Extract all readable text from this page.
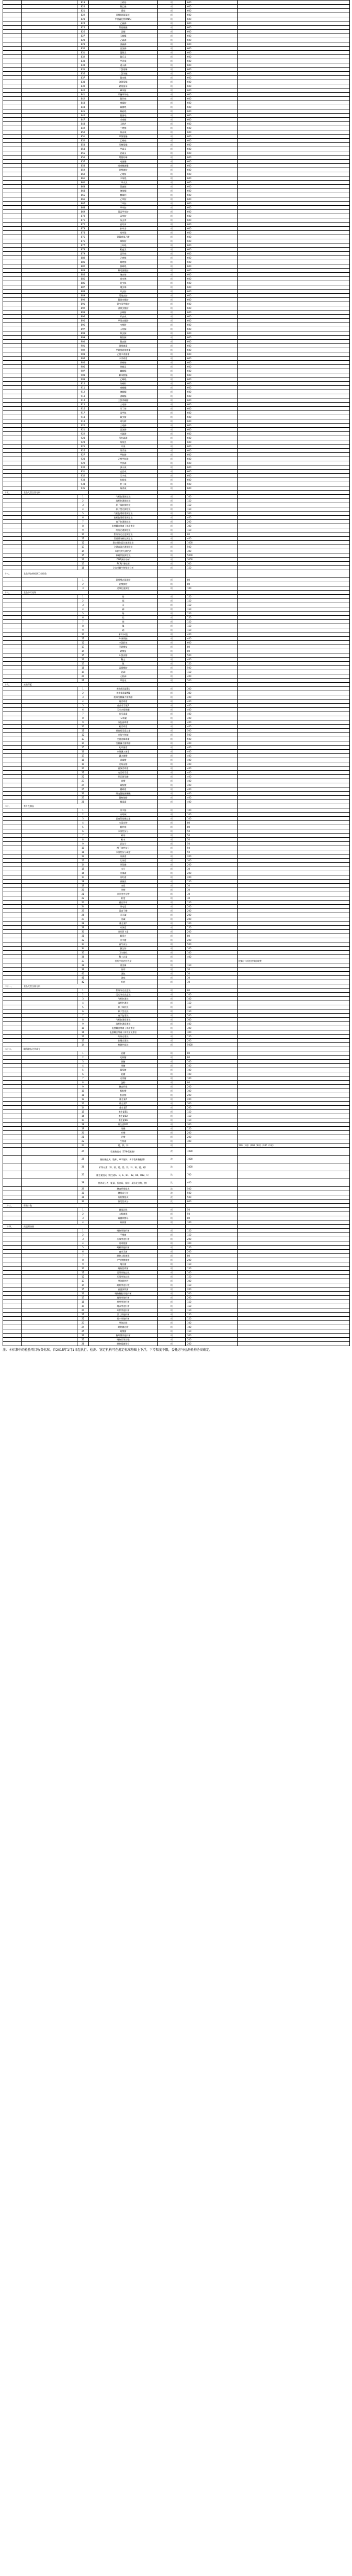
		819	三硝基	项	600	
		820	氟乙酸	项	600	
		821	番茄	项	600	
		822	氟醚烷(氟氯烷)	项	600	
		823	甲基硫化物(MBS)	项	600	
		824	乙硫磷	项	600	
		825	氨基磺酸	项	600	
		826	丙酮	项	600	
		827	灭螨醌	项	600	
		828	乙硫磷	项	600	
		829	溴硫磷	项	600	
		830	丙溴磷	项	600	
		831	萎锈灵	项	600	
		832	氟乐灵	项	600	
		833	甲萘威	项	600	
		834	速灭磷	项	600	
		835	二氯喹啉	项	600	
		836	二氯苯醚	项	600	
		837	氟虫酰	项	600	
		838	溴氰菊酯	项	600	
		839	硝基氯苯	项	600	
		840	碘苯腈	项	600	
		841	苯醚甲环唑	项	600	
		842	氟环唑	项	600	
		843	嘧霉胺	项	600	
		844	氟菌唑	项	600	
		845	氟硅唑	项	600	
		846	腈菌唑	项	600	
		847	戊唑醇	项	600	
		848	双酚A	项	600	
		849	三唑醇	项	600	
		850	异丙威	项	600	
		851	甲氰菊酯	项	600	
		852	乙螨唑	项	600	
		853	苯醚菊酯	项	600	
		854	甲霜灵	项	600	
		855	恶霜灵	项	600	
		856	烯酰吗啉	项	600	
		857	嘧菌酯	项	600	
		858	吡唑醚菌酯	项	600	
		859	啶酰菌胺	项	600	
		860	乙嘧酚	项	600	
		861	多效唑	项	600	
		862	二甲戊灵	项	600	
		863	异菌脲	项	600	
		864	噻嗪酮	项	600	
		865	腐霉利	项	600	
		866	乙草胺	项	600	
		867	丁草胺	项	600	
		868	甲草胺	项	600	
		869	异丙甲草胺	项	600	
		870	丙草胺	项	600	
		871	莠去津	项	600	
		872	西玛津	项	600	
		873	扑草净	项	600	
		874	敌草隆	项	600	
		875	氯氟吡氧乙酸	项	600	
		876	咪鲜胺	项	600	
		877	三环唑	项	600	
		878	稻瘟灵	项	600	
		879	丙环唑	项	600	
		880	己唑醇	项	600	
		881	烯唑醇	项	600	
		882	抑霉唑	项	600	
		883	氟吡菌酰胺	项	600	
		884	噻虫嗪	项	600	
		885	吡虫啉	项	600	
		886	啶虫脒	项	600	
		887	噻虫啉	项	600	
		888	呋虫胺	项	600	
		889	烯啶虫胺	项	600	
		890	氟啶虫酰胺	项	600	
		891	氯虫苯甲酰胺	项	600	
		892	溴氰虫酰胺	项	600	
		893	虫螨腈	项	600	
		894	茚虫威	项	600	
		895	甲氧虫酰肼	项	600	
		896	虫酰肼	项	600	
		897	灭幼脲	项	600	
		898	除虫脲	项	600	
		899	氟铃脲	项	600	
		900	氟虫脲	项	600	
		901	阿维菌素	项	600	
		902	甲氨基阿维菌素	项	600	
		903	乙基多杀菌素	项	600	
		904	多杀霉素	项	600	
		905	四螨嗪	项	600	
		906	哒螨灵	项	600	
		907	螺螨酯	项	600	
		908	联苯肼酯	项	600	
		909	乙螨唑	项	600	
		910	炔螨特	项	600	
		911	唑螨酯	项	600	
		912	噻螨酮	项	600	
		913	溴螨酯	项	600	
		914	三氯杀螨醇	项	600	
		915	三唑锡	项	600	
		916	苯丁锡	项	600	
		917	双甲脒	项	600	
		918	氟虫腈	项	600	
		919	毒死蜱	项	600	
		920	三唑磷	项	600	
		921	丙溴磷	项	600	
		922	辛硫磷	项	600	
		923	马拉硫磷	项	600	
		924	敌敌畏	项	600	
		925	乐果	项	600	
		926	氧乐果	项	600	
		927	甲胺磷	项	600	
		928	乙酰甲胺磷	项	600	
		929	甲拌磷	项	600	
		930	涕灭威	项	600	
		931	克百威	项	600	
		932	灭多威	项	600	
		933	抗蚜威	项	600	
		934	仲丁威	项	600	
		935	残杀威	项	600	
十七、	食品大型仪器分析					
		1	气相色谱测定法	项	100	
		2	液相色谱测定法	项	150	
		3	原子吸收测定法	项	150	
		4	原子荧光测定法	项	150	
		5	气相色谱质谱测定法	项	300	
		6	液相色谱质谱测定法	项	400	
		7	离子色谱测定法	项	200	
		8	电感耦合等离子体质谱法	项	300	
		9	红外光谱测定法	项	150	
		10	紫外分光光度测定法	项	80	
		11	氨基酸分析仪测定法	项	400	
		12	稳定同位素比值测定法	项	1000	
		13	全谱直读光谱测定法	项	500	
		14	X射线荧光测定法	项	300	
		15	核磁共振测定法	项	5000	
		16	DNA测序分析	项	3000	
		17	PCR扩增检测	项	300	
		18	全自动微生物鉴定分析	项	150	
十八、	食品添加剂检测卫生检验					
		1	氨基酸态氮测定	项	80	
		2	总酸测定	项	80	
		3	过氧化值测定	项	100	
十八、	食品中污染物					
		1	铅	项	150	
		2	镉	项	150	
		3	汞	项	150	
		4	砷	项	150	
		5	铬	项	150	
		6	铝	项	150	
		7	锡	项	150	
		8	镍	项	150	
		9	硒	项	150	
		10	苯并(a)芘	项	400	
		11	N-亚硝胺	项	400	
		12	多氯联苯	项	600	
		13	亚硝酸盐	项	80	
		14	硝酸盐	项	80	
		15	3-氯丙醇	项	500	
		16	稀土	项	400	
		17	氟	项	150	
		18	丙烯酰胺	项	500	
		19	总砷	项	150	
		20	无机砷	项	400	
		21	甲基汞	项	500	
十九、	真菌毒素					
		1	黄曲霉毒素B1	项	300	
		2	黄曲霉毒素M1	项	300	
		3	脱氧雪腐镰刀菌烯醇	项	400	
		4	展青霉素	项	400	
		5	赭曲霉毒素A	项	400	
		6	玉米赤霉烯酮	项	400	
		7	伏马毒素	项	400	
		8	T-2毒素	项	400	
		9	杂色曲霉素	项	400	
		10	桔青霉素	项	400	
		11	黄曲霉毒素总量	项	500	
		12	麦角生物碱	项	500	
		13	交链孢霉毒素	项	500	
		14	雪腐镰刀菌烯醇	项	400	
		15	蛇形菌素	项	400	
		16	串珠镰刀菌素	项	400	
		17	镰刀菌酸	项	400	
		18	青霉酸	项	400	
		19	麦角甾醇	项	400	
		20	黄绿青霉素	项	400	
		21	岛青霉毒素	项	400	
		22	环匹阿尼酸	项	400	
		23	曲酸	项	400	
		24	霉酚酸	项	400	
		25	橘霉素	项	400	
		26	细交链孢菌酮酸	项	400	
		27	链格孢酚	项	400	
		28	腾毒素	项	400	
二十、	茶叶及制品					
		1	茶多酚	项	100	
		2	咖啡碱	项	100	
		3	游离氨基酸总量	项	100	
		4	水浸出物	项	80	
		5	粗纤维	项	80	
		6	水溶性灰分	项	50	
		7	碎茶	项	50	
		8	粉末	项	50	
		9	总灰分	项	50	
		10	酸不溶性灰分	项	50	
		11	水溶性灰分碱度	项	50	
		12	茶黄素	项	200	
		13	儿茶素	项	300	
		14	茶氨酸	项	200	
		15	水分	项	30	
		16	茶褐素	项	200	
		17	茶红素	项	200	
		18	黄酮类	项	150	
		19	杂质	项	30	
		20	茶梗	项	30	
		21	非茶类夹杂物	项	30	
		22	粒度	项	30	
		23	感官评审	项	150	
		24	茶皂素	项	200	
		25	没食子酸	项	200	
		26	可可碱	项	200	
		27	茶碱	项	200	
		28	维生素C	项	100	
		29	叶绿素	项	150	
		30	类胡萝卜素	项	200	
		31	粗蛋白	项	80	
		32	茶多糖	项	200	
		33	香气成分	项	500	
		34	微生物	项	100	
		35	卫生指标	项	100	
		36	稀土总量	项	400	
		37	茶叶中的农药残留	项		按第十六项农药残留收费
		38	重金属	项	150	
		39	外形	项	30	
		40	汤色	项	30	
		41	滋味	项	30	
		42	叶底	项	30	
二十一、	食品大型仪器分析					
		1	紫外分光光度法	项	80	
		2	荧光分光光度法	项	100	
		3	气相色谱法	项	100	
		4	液相色谱法	项	150	
		5	原子吸收法	项	150	
		6	原子荧光法	项	150	
		7	离子色谱法	项	200	
		8	气相色谱质谱法	项	300	
		9	液相色谱质谱法	项	400	
		10	电感耦合等离子体质谱法	项	300	
		11	电感耦合等离子体发射光谱法	项	300	
		12	红外光谱法	项	150	
		13	拉曼光谱法	项	200	
		14	核磁共振法	项	5000	
二十二、	眼科食品化学成分					
		1	总糖	项	80	
		2	还原糖	项	80	
		3	蔗糖	项	100	
		4	果糖	项	100	
		5	葡萄糖	项	100	
		6	乳糖	项	100	
		7	麦芽糖	项	100	
		8	淀粉	项	80	
		9	膳食纤维	项	200	
		10	脂肪酸	项	300	
		11	胆固醇	项	200	
		12	维生素A	项	200	
		13	维生素D	项	300	
		14	维生素E	项	200	
		15	维生素B1	项	150	
		16	维生素B2	项	150	
		17	维生素B6	项	150	
		18	维生素B12	项	300	
		19	烟酸	项	150	
		20	叶酸	项	200	
		21	泛酸	项	200	
		22	生物素	项	300	
		23	钙、铁、锌	项		120（1项）/200（2项）/300（3项）
		24	氨基酸组成（17种氨基酸）	次	1000	
		25	脂肪酸组成（饱和、单不饱和、多不饱和脂肪酸）	次	1000	
		26	矿物元素（钾、钠、钙、镁、铁、锌、铜、锰、硒）	次	1000	
		27	维生素组成（维生素A、D、E、B1、B2、B6、B12、C）	次	700	
		28	营养成分表（能量、蛋白质、脂肪、碳水化合物、钠）	次	400	
		29	膳食纤维组成	次	500	
		30	糖组成分析	次	500	
		31	有机酸组成	次	500	
		32	挥发性成分	次	600	
二十三、	霉菌计数					
		1	菌落总数	项	50	
		2	大肠菌群	项	50	
		3	霉菌和酵母	项	80	
		4	致病菌	项	100	
二十四、	高温耐热菌					
		1	嗜热芽孢杆菌	项	150	
		2	平酸菌	项	150	
		3	厌氧芽孢杆菌	项	200	
		4	肉毒梭菌	项	300	
		5	蜡样芽孢杆菌	项	150	
		6	商业无菌	项	200	
		7	耐热大肠菌群	项	80	
		8	产气荚膜梭菌	项	200	
		9	嗜冷菌	项	150	
		10	耐热性霉菌	项	150	
		11	需氧芽孢总数	项	100	
		12	厌氧芽孢总数	项	150	
		13	芽孢耐热性	项	300	
		14	耐热芽孢计数	项	150	
		15	高温放线菌	项	200	
		16	嗜热脂肪芽孢杆菌	项	200	
		17	凝结芽孢杆菌	项	200	
		18	枯草芽孢杆菌	项	150	
		19	地衣芽孢杆菌	项	150	
		20	环状芽孢杆菌	项	150	
		21	巨大芽孢杆菌	项	150	
		22	短小芽孢杆菌	项	150	
		23	芽孢总数	项	100	
		24	耐热菌总数	项	100	
		25	耐酸菌	项	150	
		26	脂环酸芽孢杆菌	项	300	
		27	嗜热厌氧芽孢	项	200	
		28	耐热霉菌孢子	项	200	
注：本标准中的检验项目收费标准，自2015年1月1日起执行。检测、鉴定机构可在规定标准基础上下浮，下浮幅度不限，委托方与检测机构协商确定。
